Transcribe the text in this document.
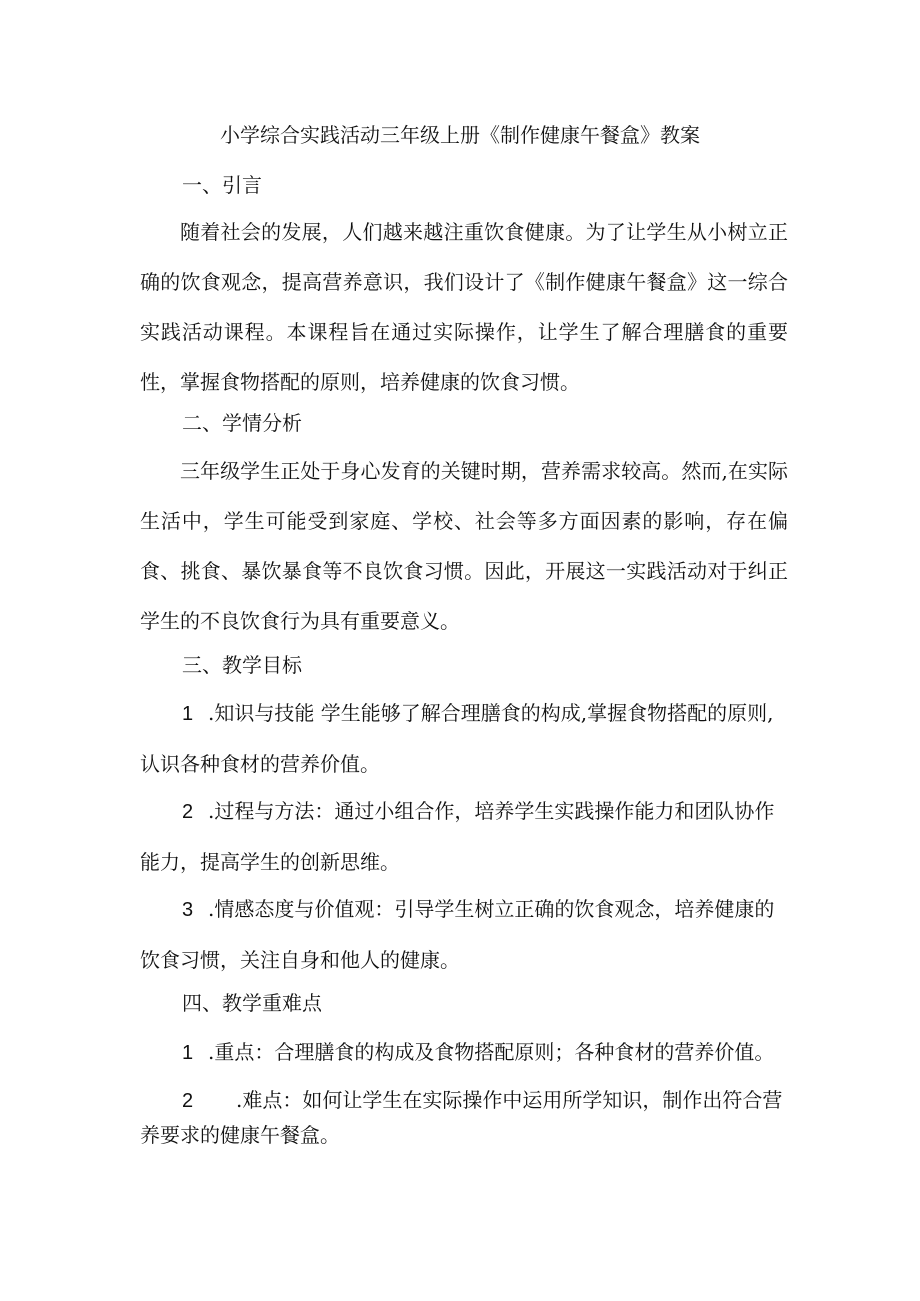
小学综合实践活动三年级上册《制作健康午餐盒》教案
一、引言

随着社会的发展，人们越来越注重饮食健康。为了让学生从小树立正确的饮食观念，提高营养意识，我们设计了《制作健康午餐盒》这一综合实践活动课程。本课程旨在通过实际操作，让学生了解合理膳食的重要性，掌握食物搭配的原则，培养健康的饮食习惯。

二、学情分析

三年级学生正处于身心发育的关键时期，营养需求较高。然而,在实际生活中，学生可能受到家庭、学校、社会等多方面因素的影响，存在偏食、挑食、暴饮暴食等不良饮食习惯。因此，开展这一实践活动对于纠正学生的不良饮食行为具有重要意义。

三、教学目标

1 .知识与技能 学生能够了解合理膳食的构成,掌握食物搭配的原则,认识各种食材的营养价值。

2 .过程与方法：通过小组合作，培养学生实践操作能力和团队协作能力，提高学生的创新思维。

3 .情感态度与价值观：引导学生树立正确的饮食观念，培养健康的饮食习惯，关注自身和他人的健康。

四、教学重难点

1 .重点：合理膳食的构成及食物搭配原则；各种食材的营养价值。

2 .难点：如何让学生在实际操作中运用所学知识，制作出符合营养要求的健康午餐盒。
